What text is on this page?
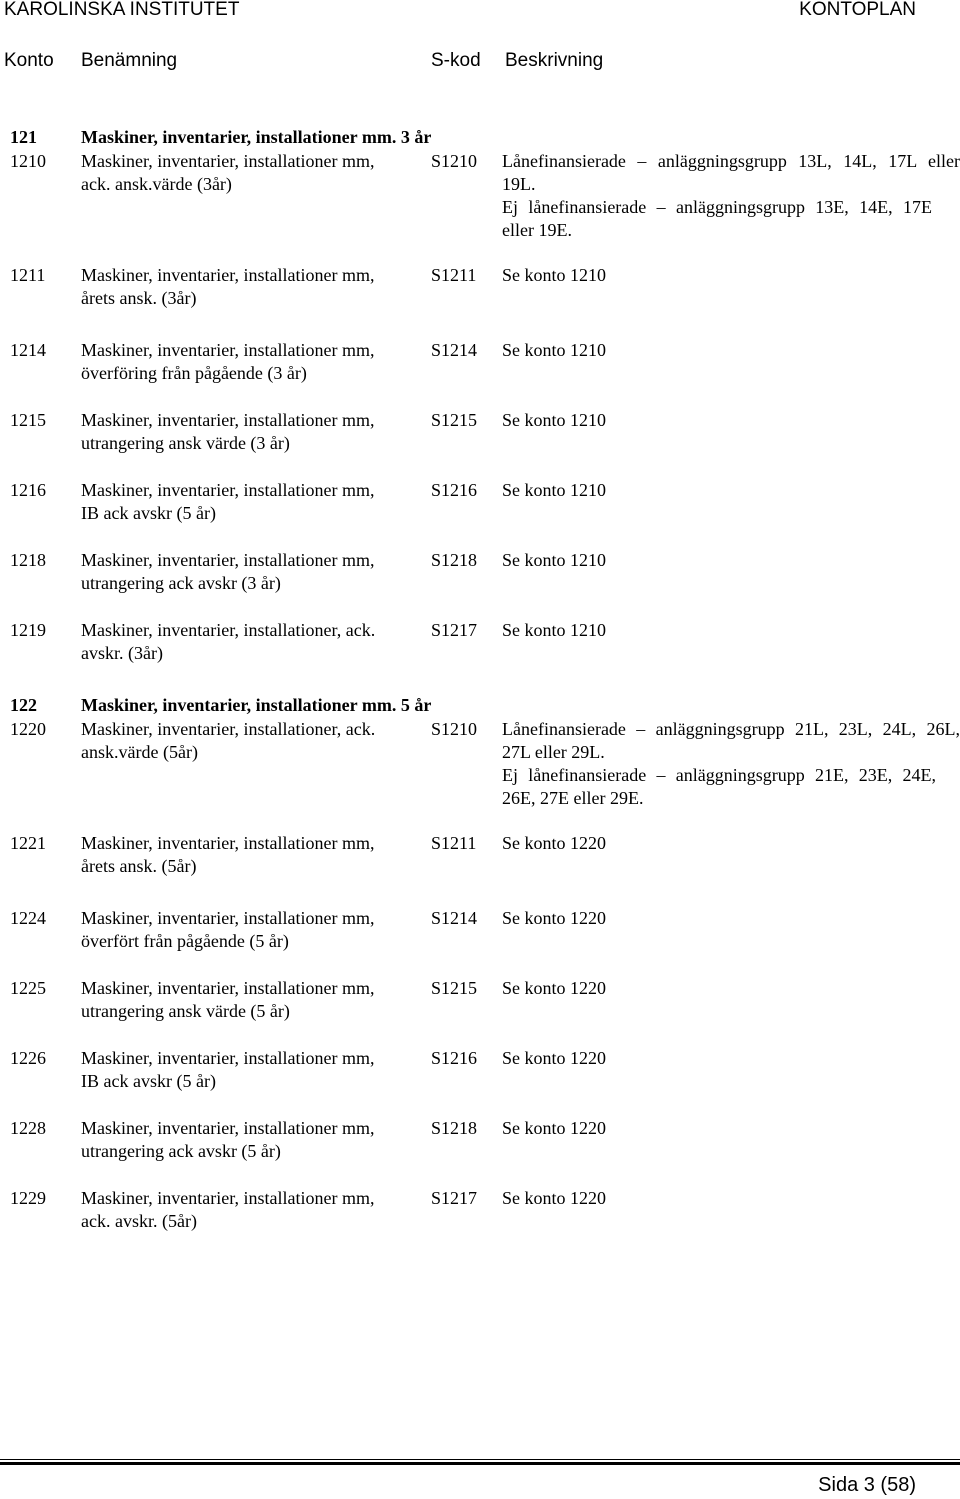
KAROLINSKA INSTITUTET	KONTOPLAN
Konto Benämning	S-kod Beskrivning
121 Maskiner, inventarier, installationer mm. 3 år
1210 Maskiner, inventarier, installationer mm,
ack. ansk.värde (3år)
S1210 Lånefinansierade – anläggningsgrupp 13L, 14L, 17L eller
19L.
Ej lånefinansierade – anläggningsgrupp 13E, 14E, 17E
eller 19E.
1211 Maskiner, inventarier, installationer mm,
årets ansk. (3år)
S1211 Se konto 1210
1214 Maskiner, inventarier, installationer mm,
överföring från pågående (3 år)
S1214 Se konto 1210
1215 Maskiner, inventarier, installationer mm,
utrangering ansk värde (3 år)
S1215 Se konto 1210
1216 Maskiner, inventarier, installationer mm,
IB ack avskr (5 år)
S1216 Se konto 1210
1218 Maskiner, inventarier, installationer mm,
utrangering ack avskr (3 år)
S1218 Se konto 1210
1219 Maskiner, inventarier, installationer, ack.
avskr. (3år)
S1217 Se konto 1210
122 Maskiner, inventarier, installationer mm. 5 år
1220 Maskiner, inventarier, installationer, ack.
ansk.värde (5år)
S1210 Lånefinansierade – anläggningsgrupp 21L, 23L, 24L, 26L,
27L eller 29L.
Ej lånefinansierade – anläggningsgrupp 21E, 23E, 24E,
26E, 27E eller 29E.
1221 Maskiner, inventarier, installationer mm,
årets ansk. (5år)
S1211 Se konto 1220
1224 Maskiner, inventarier, installationer mm,
överfört från pågående (5 år)
S1214 Se konto 1220
1225 Maskiner, inventarier, installationer mm,
utrangering ansk värde (5 år)
S1215 Se konto 1220
1226 Maskiner, inventarier, installationer mm,
IB ack avskr (5 år)
S1216 Se konto 1220
1228 Maskiner, inventarier, installationer mm,
utrangering ack avskr (5 år)
S1218 Se konto 1220
1229 Maskiner, inventarier, installationer mm,
ack. avskr. (5år)
S1217 Se konto 1220
Sida 3 (58)
